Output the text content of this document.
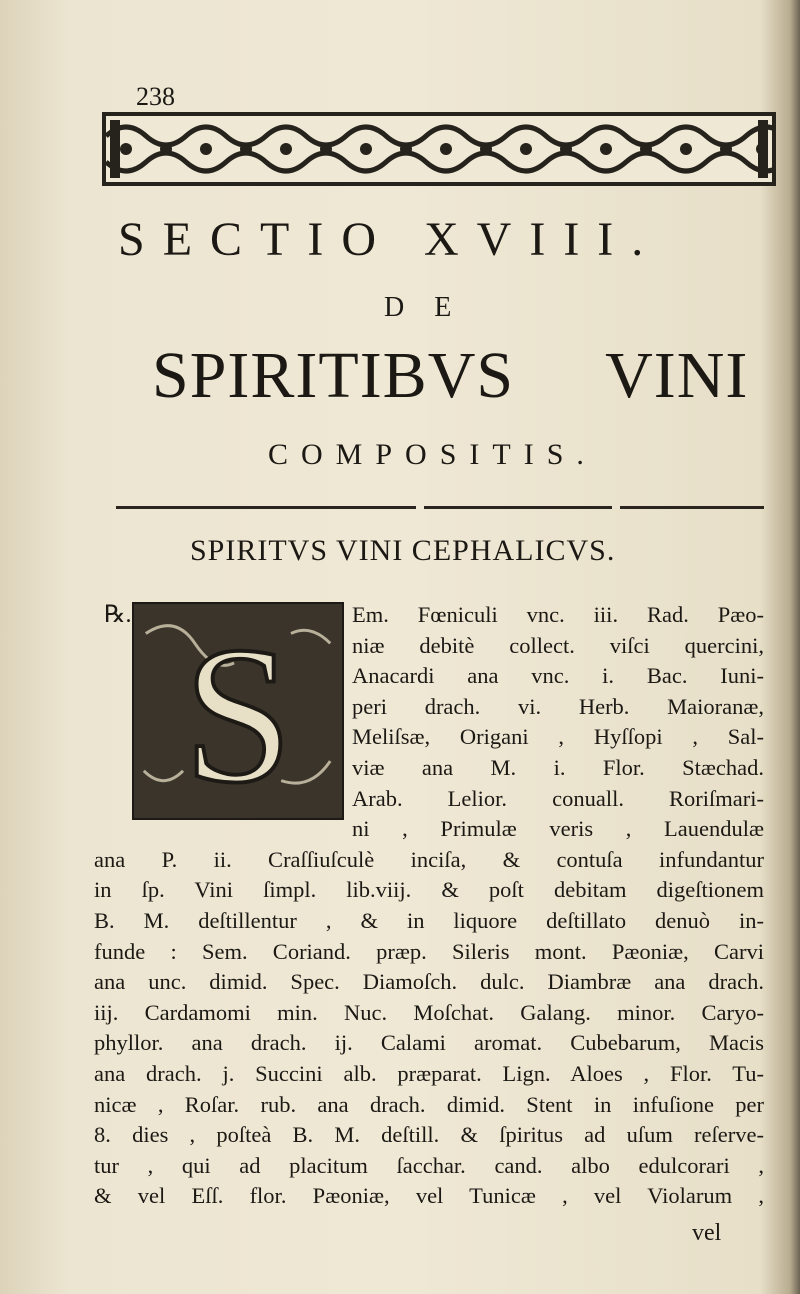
238
SECTIO XVIII.
DE
SPIRITIBVS VINI
COMPOSITIS.
SPIRITVS VINI CEPHALICVS.
℞. S	Em. Fœniculi vnc. iii. Rad. Pæo-
niæ debitè collect. viſci quercini,
Anacardi ana vnc. i. Bac. Iuni-
peri drach. vi. Herb. Maioranæ,
Meliſsæ, Origani , Hyſſopi , Sal-
viæ ana M. i. Flor. Stæchad.
Arab. Lelior. conuall. Roriſmari-
ni , Primulæ veris , Lauendulæ
ana P. ii. Craſſiuſculè inciſa, & contuſa infundantur
in ſp. Vini ſimpl. lib.viij. & poſt debitam digeſtionem
B. M. deſtillentur , & in liquore deſtillato denuò in-
fundе : Sem. Coriand. præp. Sileris mont. Pæoniæ, Carvi
ana unc. dimid. Spec. Diamoſch. dulc. Diambræ ana drach.
iij. Cardamomi min. Nuc. Moſchat. Galang. minor. Caryo-
phyllor. ana drach. ij. Calami aromat. Cubebarum, Macis
ana drach. j. Succini alb. præparat. Lign. Aloes , Flor. Tu-
nicæ , Roſar. rub. ana drach. dimid. Stent in infuſione per
8. dies , poſteà B. M. deſtill. & ſpiritus ad uſum reſerve-
tur , qui ad placitum ſacchar. cand. albo edulcorari ,
& vel Eſſ. flor. Pæoniæ, vel Tunicæ , vel Violarum ,
vel
